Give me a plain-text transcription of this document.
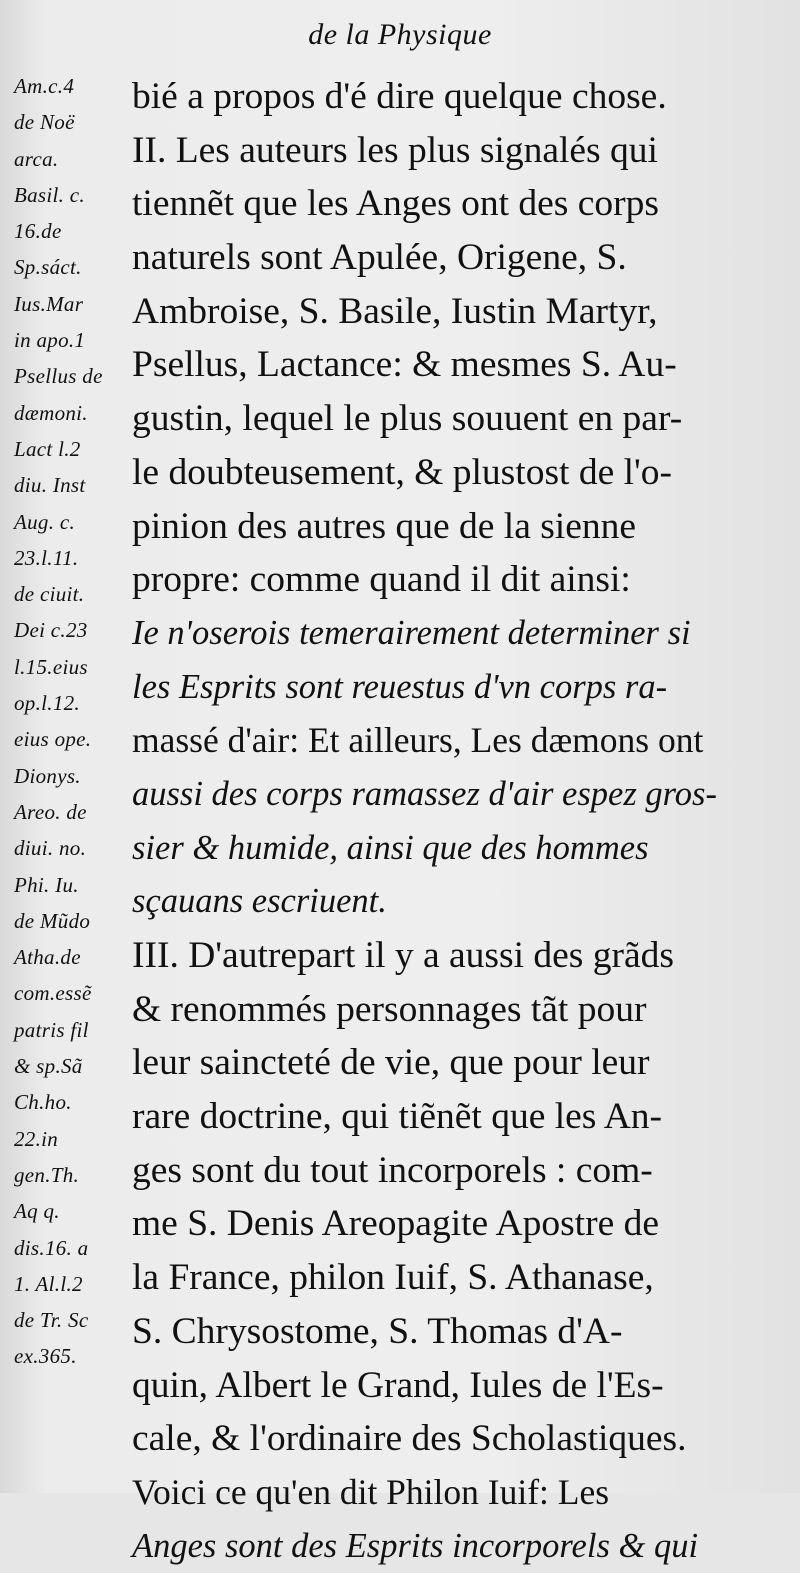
de la Physique
Am.c.4
de Noë
arca.
Basil. c.
16.de
Sp.sáct.
Ius.Mar
in apo.1
Psellus de
dæmoni.
Lact l.2
diu. Inst
Aug. c.
23.l.11.
de ciuit.
Dei c.23
l.15.eius
op.l.12.
eius ope.
Dionys.
Areo. de
diui. no.
Phi. Iu.
de Mũdo
Atha.de
com.essẽ
patris fil
& sp.Sã
Ch.ho.
22.in
gen.Th.
Aq q.
dis.16. a
1. Al.l.2
de Tr. Sc
ex.365.
bié a propos d'é dire quelque chose.
II. Les auteurs les plus signalés qui
tiennẽt que les Anges ont des corps
naturels sont Apulée, Origene, S.
Ambroise, S. Basile, Iustin Martyr,
Psellus, Lactance: & mesmes S. Au-
gustin, lequel le plus souuent en par-
le doubteusement, & plustost de l'o-
pinion des autres que de la sienne
propre: comme quand il dit ainsi:
Ie n'oserois temerairement determiner si
les Esprits sont reuestus d'vn corps ra-
massé d'air: Et ailleurs, Les dæmons ont
aussi des corps ramassez d'air espez gros-
sier & humide, ainsi que des hommes
sçauans escriuent.
III. D'autrepart il y a aussi des grãds
& renommés personnages tãt pour
leur saincteté de vie, que pour leur
rare doctrine, qui tiẽnẽt que les An-
ges sont du tout incorporels : com-
me S. Denis Areopagite Apostre de
la France, philon Iuif, S. Athanase,
S. Chrysostome, S. Thomas d'A-
quin, Albert le Grand, Iules de l'Es-
cale, & l'ordinaire des Scholastiques.
Voici ce qu'en dit Philon Iuif: Les
Anges sont des Esprits incorporels & qui
